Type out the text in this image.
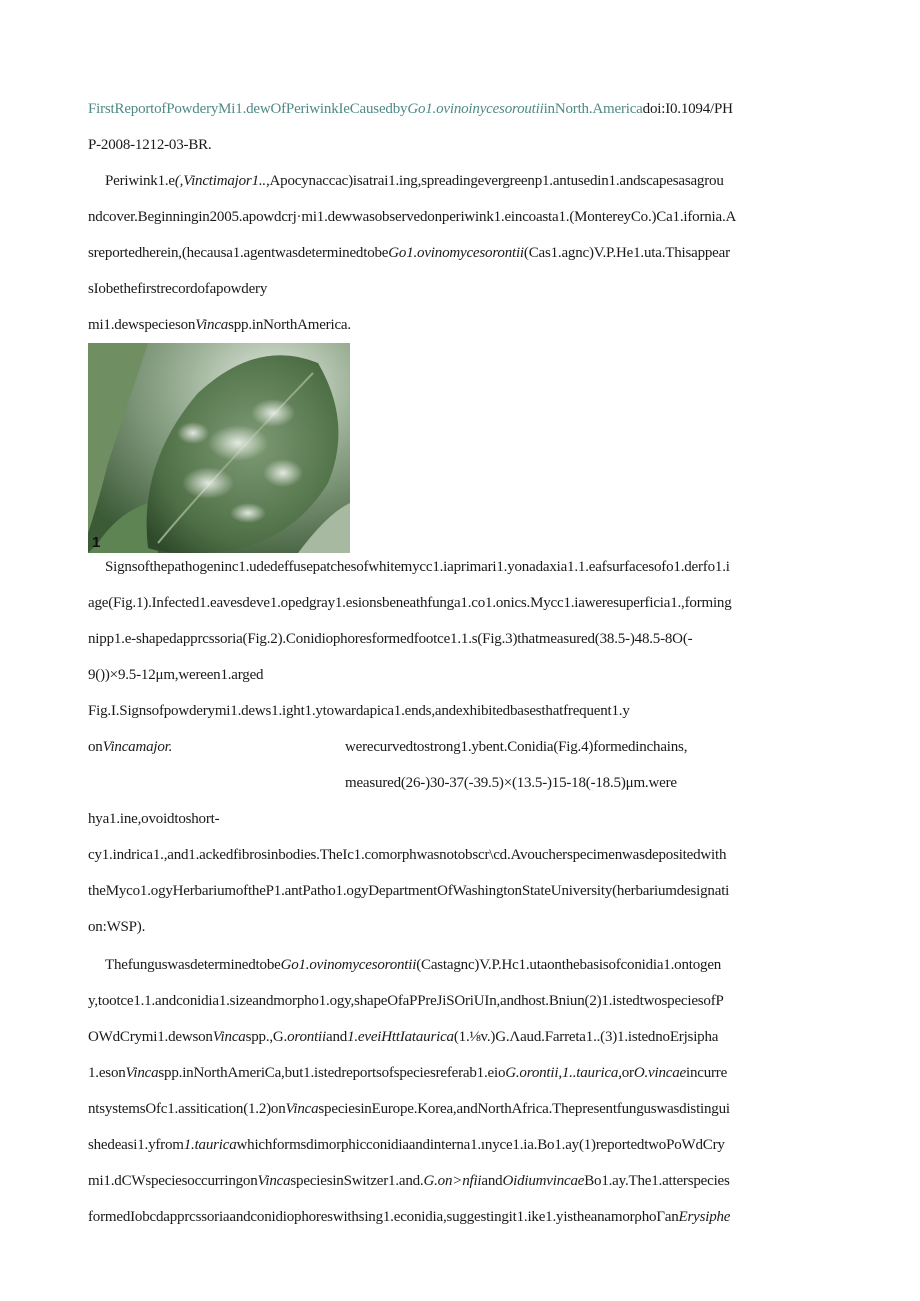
FirstReportofPowderyMi1.dewOfPeriwinkIeCausedbyGo1.ovinoinycesoroutiiinNorth.Americadoi:I0.1094/PH
P-2008-1212-03-BR.
1
Fig.I.Signsofpowderymi1.dews1.ight1.ytowardapica1.ends,andexhibitedbasesthatfrequent1.y
onVincamajor.
Periwink1.e(,Vinctimajor1..,Apocynaccac)isatrai1.ing,spreadingevergreenp1.antusedin1.andscapesasagrou
ndcover.Beginningin2005.apowdcrj·mi1.dewwasobservedonperiwink1.eincoasta1.(MontereyCo.)Ca1.ifornia.A
sreportedherein,(hecausa1.agentwasdeterminedtobeGo1.ovinomycesorontii(Cas1.agnc)V.P.He1.uta.Thisappear
sIobethefirstrecordofapowdery
mi1.dewspeciesonVincaspp.inNorthAmerica.
Signsofthepathogeninc1.udedeffusepatchesofwhitemycc1.iaprimari1.yonadaxia1.1.eafsurfacesofo1.derfo1.i
age(Fig.1).Infected1.eavesdeve1.opedgray1.esionsbeneathfunga1.co1.onics.Mycc1.iaweresuperficia1.,forming
nipp1.e-shapedapprcssoria(Fig.2).Conidiophoresformedfootce1.1.s(Fig.3)thatmeasured(38.5-)48.5-8O(-
9())×9.5-12μm,wereen1.arged
werecurvedtostrong1.ybent.Conidia(Fig.4)formedinchains,
measured(26-)30-37(-39.5)×(13.5-)15-18(-18.5)μm.were
hya1.ine,ovoidtoshort-
cy1.indrica1.,and1.ackedfibrosinbodies.TheIc1.comorphwasnotobscr\cd.Avoucherspecimenwasdepositedwith
theMyco1.ogyHerbariumoftheP1.antPatho1.ogyDepartmentOfWashingtonStateUniversity(herbariumdesignati
on:WSP).
ThefunguswasdeterminedtobeGo1.ovinomycesorontii(Castagnc)V.P.Hc1.utaonthebasisofconidia1.ontogen
y,tootce1.1.andconidia1.sizeandmorpho1.ogy,shapeOfaPPreJiSOriUIn,andhost.Bniun(2)1.istedtwospeciesofP
OWdCrymi1.dewsonVincaspp.,G.orontiiand1.eveiHttIataurica(1.⅛v.)G.Λaud.Farreta1..(3)1.istednoErjsipha
1.esonVincaspp.inNorthAmeriCa,but1.istedreportsofspeciesreferab1.eioG.orontii,1..taurica,orO.vincaeincurre
ntsystemsOfc1.assitication(1.2)onVincaspeciesinEurope.Korea,andNorthAfrica.Thepresentfunguswasdistingui
shedeasi1.yfrom1.tauricawhichformsdimorphicconidiaandinterna1.ınyce1.ia.Bo1.ay(1)reportedtwoPoWdCry
mi1.dCWspeciesoccurringonVincaspeciesinSwitzer1.and.G.on>nfiiandOidiumvincaeBo1.ay.The1.atterspecies
formedIobcdapprcssoriaandconidiophoreswithsing1.econidia,suggestingit1.ike1.yistheanamorρhoΓanErysiphe
